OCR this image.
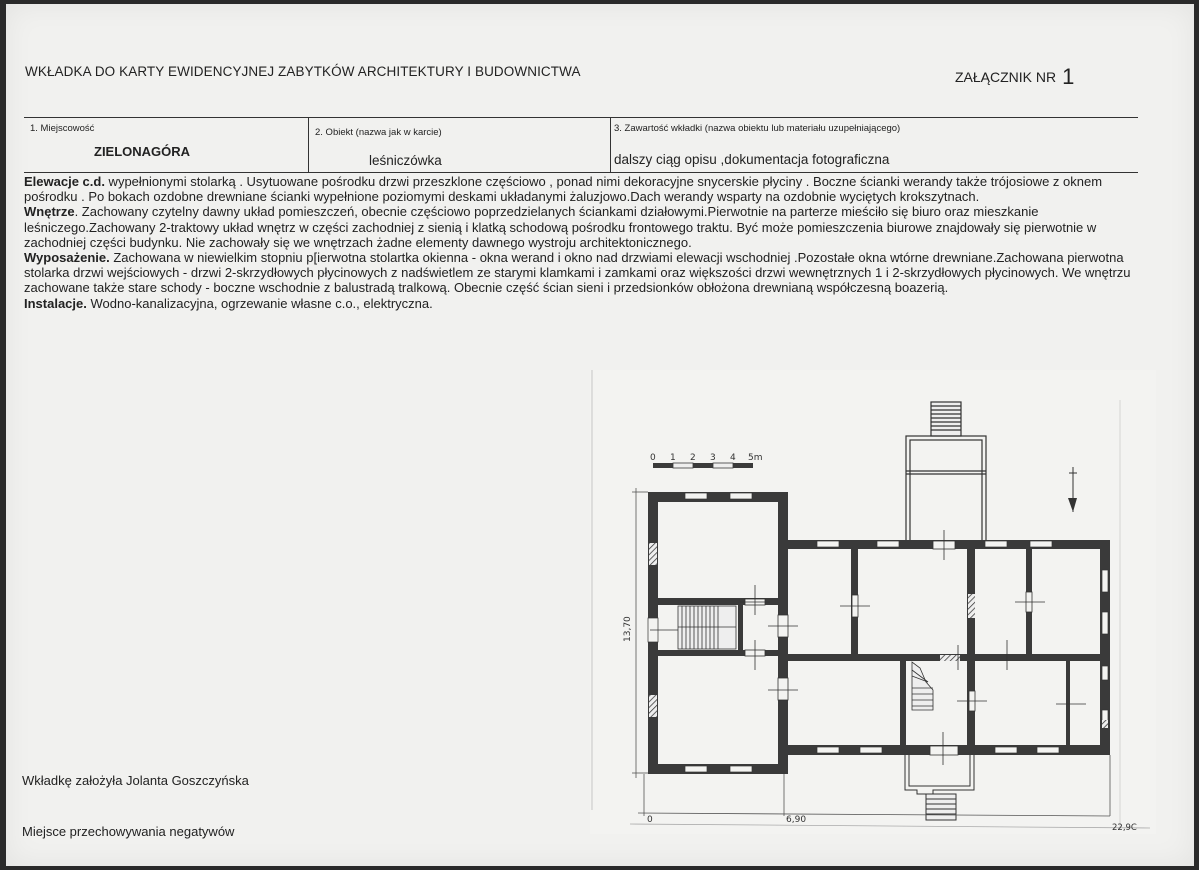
WKŁADKA DO KARTY EWIDENCYJNEJ ZABYTKÓW ARCHITEKTURY I BUDOWNICTWA	ZAŁĄCZNIK NR 1
1. Miejscowość
ZIELONAGÓRA
2. Obiekt (nazwa jak w karcie)
leśniczówka
3. Zawartość wkładki (nazwa obiektu lub materiału uzupełniającego)
dalszy ciąg opisu ,dokumentacja fotograficzna

Elewacje c.d. wypełnionymi stolarką . Usytuowane pośrodku drzwi przeszklone częściowo , ponad nimi dekoracyjne snycerskie płyciny . Boczne ścianki werandy także trójosiowe z oknem pośrodku . Po bokach ozdobne drewniane ścianki wypełnione poziomymi deskami układanymi żaluzjowo.Dach werandy wsparty na ozdobnie wyciętych krokszytnach.

Wnętrze. Zachowany czytelny dawny układ pomieszczeń, obecnie częściowo poprzedzielanych ściankami działowymi.Pierwotnie na parterze mieściło się biuro oraz mieszkanie leśniczego.Zachowany 2-traktowy układ wnętrz w części zachodniej z sienią i klatką schodową pośrodku frontowego traktu. Być może pomieszczenia biurowe znajdowały się pierwotnie w zachodniej części budynku. Nie zachowały się we wnętrzach żadne elementy dawnego wystroju architektonicznego.

Wyposażenie. Zachowana w niewielkim stopniu p[ierwotna stolartka okienna - okna werand i okno nad drzwiami elewacji wschodniej .Pozostałe okna wtórne drewniane.Zachowana pierwotna stolarka drzwi wejściowych - drzwi 2-skrzydłowych płycinowych z nadświetlem ze starymi klamkami i zamkami oraz większości drzwi wewnętrznych 1 i 2-skrzydłowych płycinowych. We wnętrzu zachowane także stare schody - boczne wschodnie z balustradą tralkową. Obecnie część ścian sieni i przedsionków obłożona drewnianą współczesną boazerią.

Instalacje. Wodno-kanalizacyjna, ogrzewanie własne c.o., elektryczna.

Wkładkę założyła Jolanta Goszczyńska
Miejsce przechowywania negatywów
0 1 2 3 4 5m
13,70
0	6,90
22,9C
